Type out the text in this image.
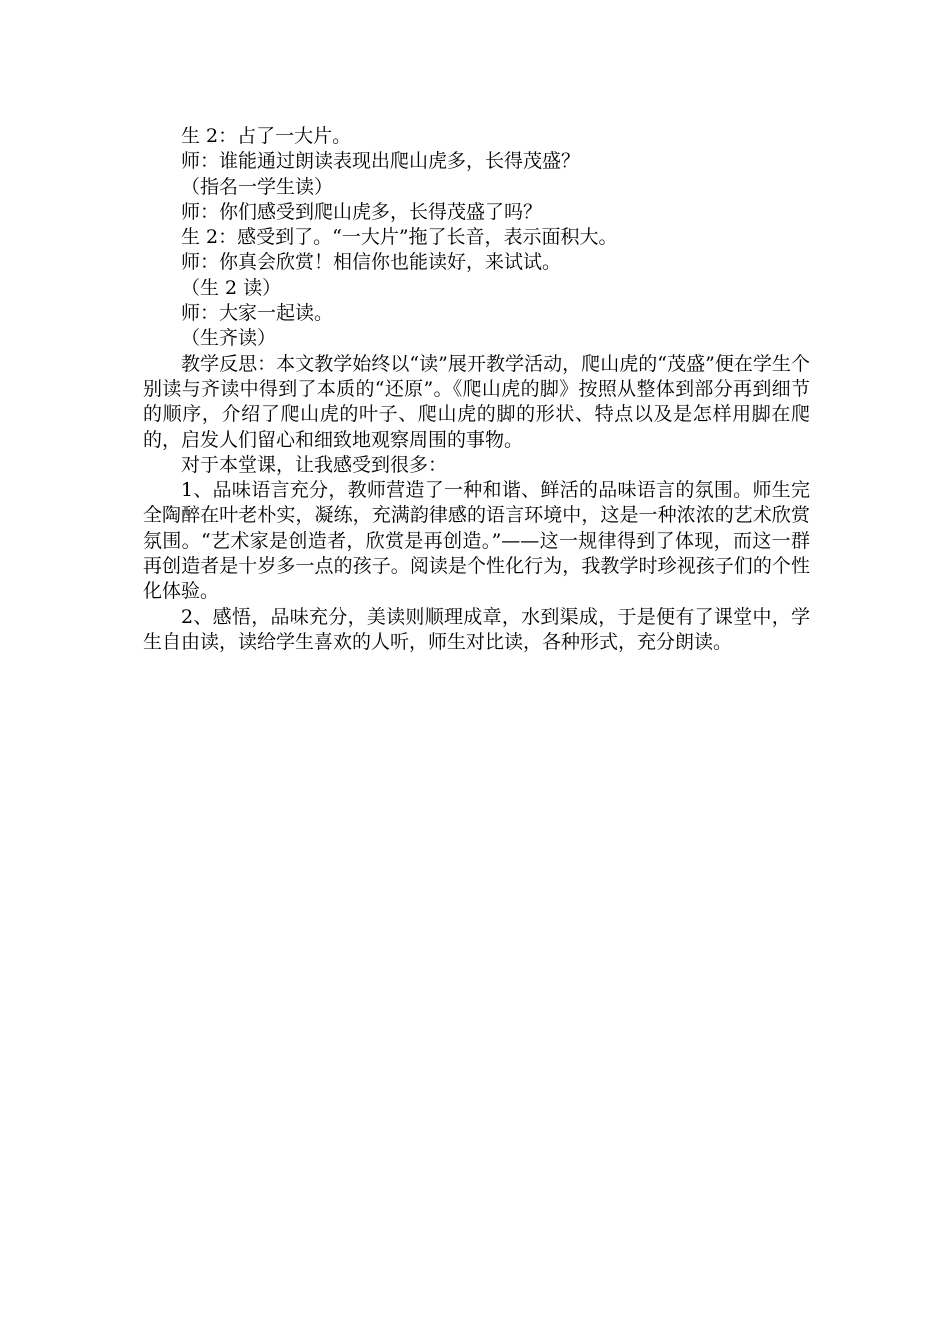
生 2：占了一大片。

师：谁能通过朗读表现出爬山虎多，长得茂盛？

（指名一学生读）

师：你们感受到爬山虎多，长得茂盛了吗？

生 2：感受到了。“一大片”拖了长音，表示面积大。

师：你真会欣赏！相信你也能读好，来试试。

（生 2 读）

师：大家一起读。

（生齐读）

教学反思：本文教学始终以“读”展开教学活动，爬山虎的“茂盛”便在学生个别读与齐读中得到了本质的“还原”。《爬山虎的脚》按照从整体到部分再到细节的顺序，介绍了爬山虎的叶子、爬山虎的脚的形状、特点以及是怎样用脚在爬的，启发人们留心和细致地观察周围的事物。

对于本堂课，让我感受到很多：

1、品味语言充分，教师营造了一种和谐、鲜活的品味语言的氛围。师生完全陶醉在叶老朴实，凝练，充满韵律感的语言环境中，这是一种浓浓的艺术欣赏氛围。“艺术家是创造者，欣赏是再创造。”——这一规律得到了体现，而这一群再创造者是十岁多一点的孩子。阅读是个性化行为，我教学时珍视孩子们的个性化体验。

2、感悟，品味充分，美读则顺理成章，水到渠成，于是便有了课堂中，学生自由读，读给学生喜欢的人听，师生对比读，各种形式，充分朗读。
